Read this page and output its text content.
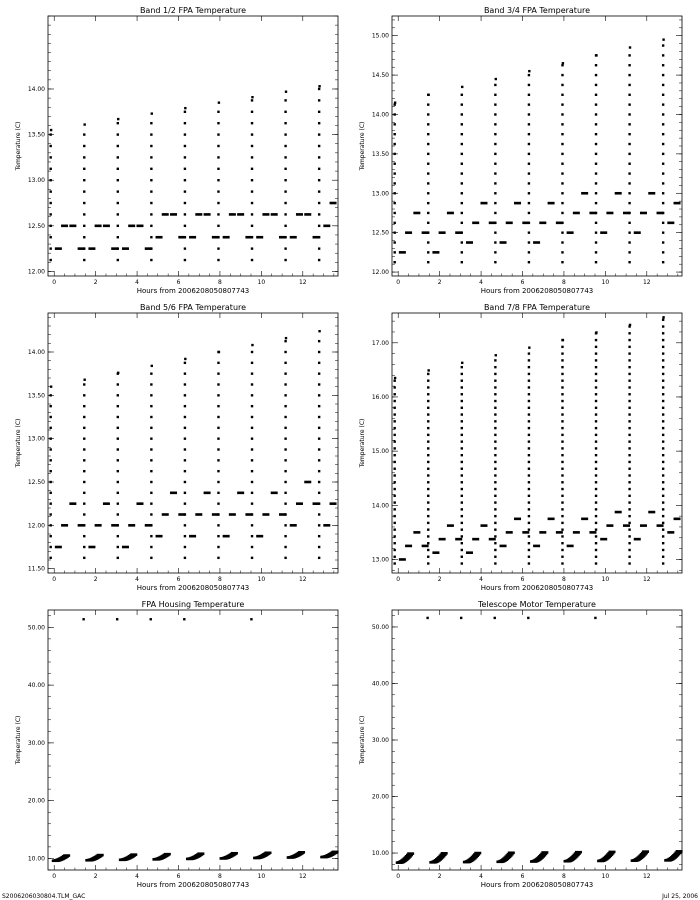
Band 1/2 FPA Temperature
0	2	4	6	8	10	12
12.00
12.50
13.00
13.50
14.00
Hours from 2006208050807743
Temperature (C)
Band 3/4 FPA Temperature
0	2	4	6	8	10	12
12.00
12.50
13.00
13.50
14.00
14.50
15.00
Hours from 2006208050807743
Temperature (C)
Band 5/6 FPA Temperature
0	2	4	6	8	10	12
11.50
12.00
12.50
13.00
13.50
14.00
Hours from 2006208050807743
Temperature (C)
Band 7/8 FPA Temperature
0	2	4	6	8	10	12
13.00
14.00
15.00
16.00
17.00
Hours from 2006208050807743
Temperature (C)
FPA Housing Temperature
0	2	4	6	8	10	12
10.00
20.00
30.00
40.00
50.00
Hours from 2006208050807743
Temperature (C)
Telescope Motor Temperature
0	2	4	6	8	10	12
10.00
20.00
30.00
40.00
50.00
Hours from 2006208050807743
Temperature (C)
S2006206030804.TLM_GAC	Jul 25, 2006
